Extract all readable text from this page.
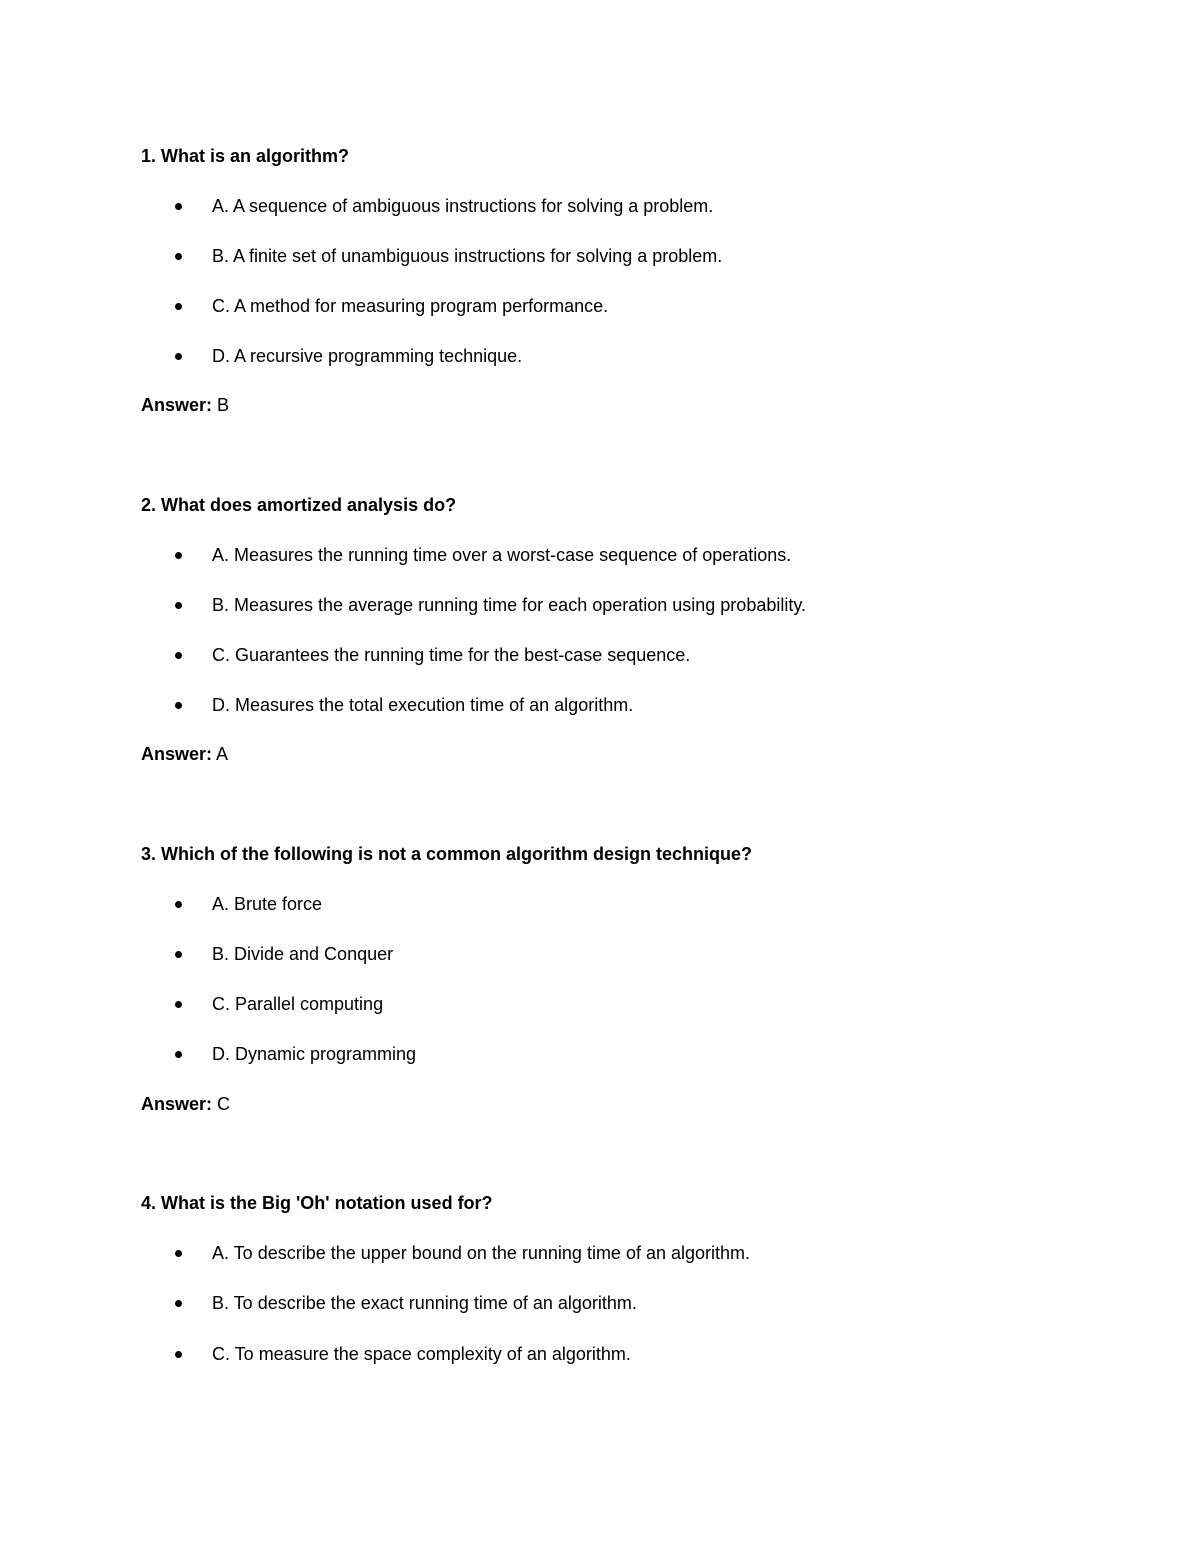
1. What is an algorithm?
A. A sequence of ambiguous instructions for solving a problem.
B. A finite set of unambiguous instructions for solving a problem.
C. A method for measuring program performance.
D. A recursive programming technique.
Answer: B
2. What does amortized analysis do?
A. Measures the running time over a worst-case sequence of operations.
B. Measures the average running time for each operation using probability.
C. Guarantees the running time for the best-case sequence.
D. Measures the total execution time of an algorithm.
Answer: A
3. Which of the following is not a common algorithm design technique?
A. Brute force
B. Divide and Conquer
C. Parallel computing
D. Dynamic programming
Answer: C
4. What is the Big 'Oh' notation used for?
A. To describe the upper bound on the running time of an algorithm.
B. To describe the exact running time of an algorithm.
C. To measure the space complexity of an algorithm.
